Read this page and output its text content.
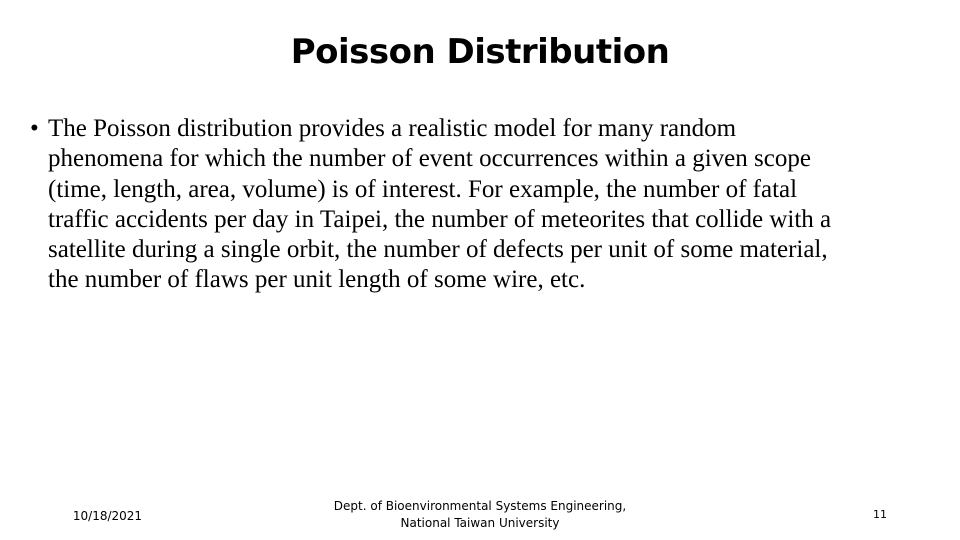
Poisson Distribution
• The Poisson distribution provides a realistic model for many random
phenomena for which the number of event occurrences within a given scope
(time, length, area, volume) is of interest. For example, the number of fatal
traffic accidents per day in Taipei, the number of meteorites that collide with a
satellite during a single orbit, the number of defects per unit of some material,
the number of flaws per unit length of some wire, etc.
10/18/2021
Dept. of Bioenvironmental Systems Engineering,
National Taiwan University
11
